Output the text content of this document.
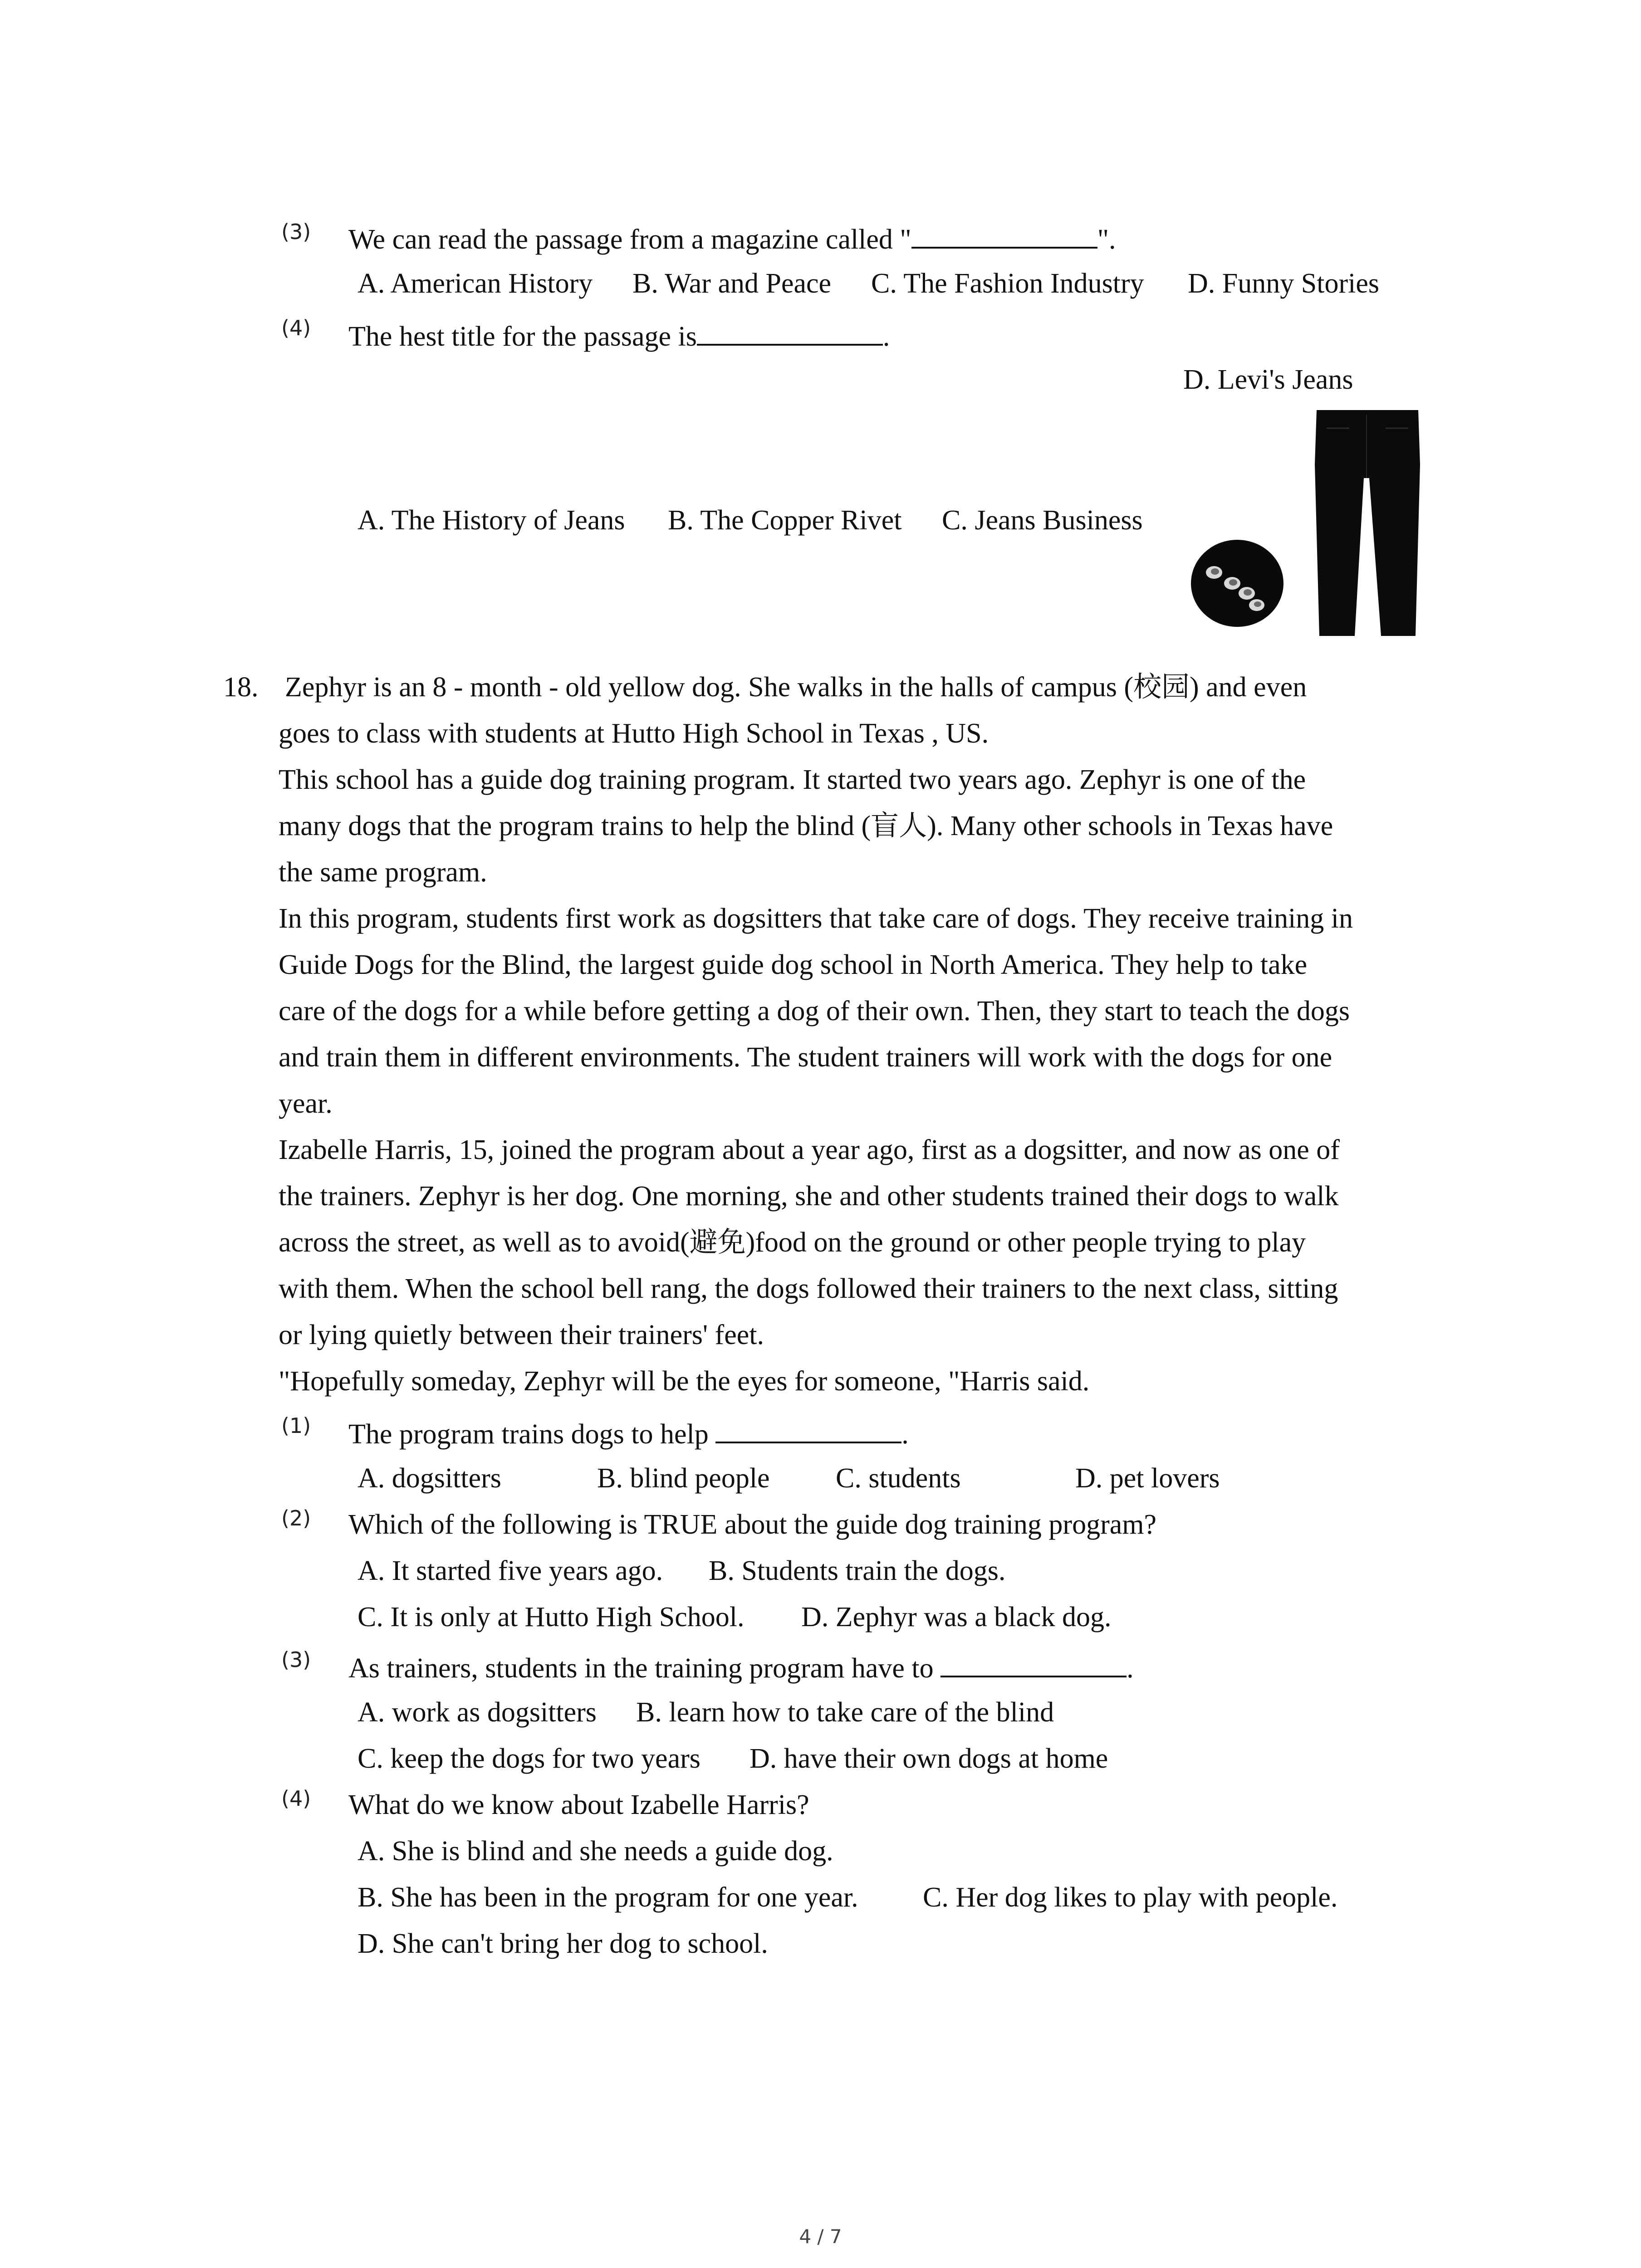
(3) We can read the passage from a magazine called "	".
A. American History B. War and Peace C. The Fashion Industry D. Funny Stories
(4) The hest title for the passage is	.
D. Levi's Jeans
A. The History of Jeans B. The Copper Rivet C. Jeans Business
18. Zephyr is an 8 - month - old yellow dog. She walks in the halls of campus (校园) and even
goes to class with students at Hutto High School in Texas , US.
This school has a guide dog training program. It started two years ago. Zephyr is one of the
many dogs that the program trains to help the blind (盲人). Many other schools in Texas have
the same program.
In this program, students first work as dogsitters that take care of dogs. They receive training in
Guide Dogs for the Blind, the largest guide dog school in North America. They help to take
care of the dogs for a while before getting a dog of their own. Then, they start to teach the dogs
and train them in different environments. The student trainers will work with the dogs for one
year.
Izabelle Harris, 15, joined the program about a year ago, first as a dogsitter, and now as one of
the trainers. Zephyr is her dog. One morning, she and other students trained their dogs to walk
across the street, as well as to avoid(避免)food on the ground or other people trying to play
with them. When the school bell rang, the dogs followed their trainers to the next class, sitting
or lying quietly between their trainers' feet.
"Hopefully someday, Zephyr will be the eyes for someone, "Harris said.
(1) The program trains dogs to help	.
A. dogsitters	B. blind people C. students	D. pet lovers
(2) Which of the following is TRUE about the guide dog training program?
A. It started five years ago. B. Students train the dogs.
C. It is only at Hutto High School. D. Zephyr was a black dog.
(3) As trainers, students in the training program have to	.
A. work as dogsitters B. learn how to take care of the blind
C. keep the dogs for two years D. have their own dogs at home
(4) What do we know about Izabelle Harris?
A. She is blind and she needs a guide dog.
B. She has been in the program for one year. C. Her dog likes to play with people.
D. She can't bring her dog to school.
4 / 7
